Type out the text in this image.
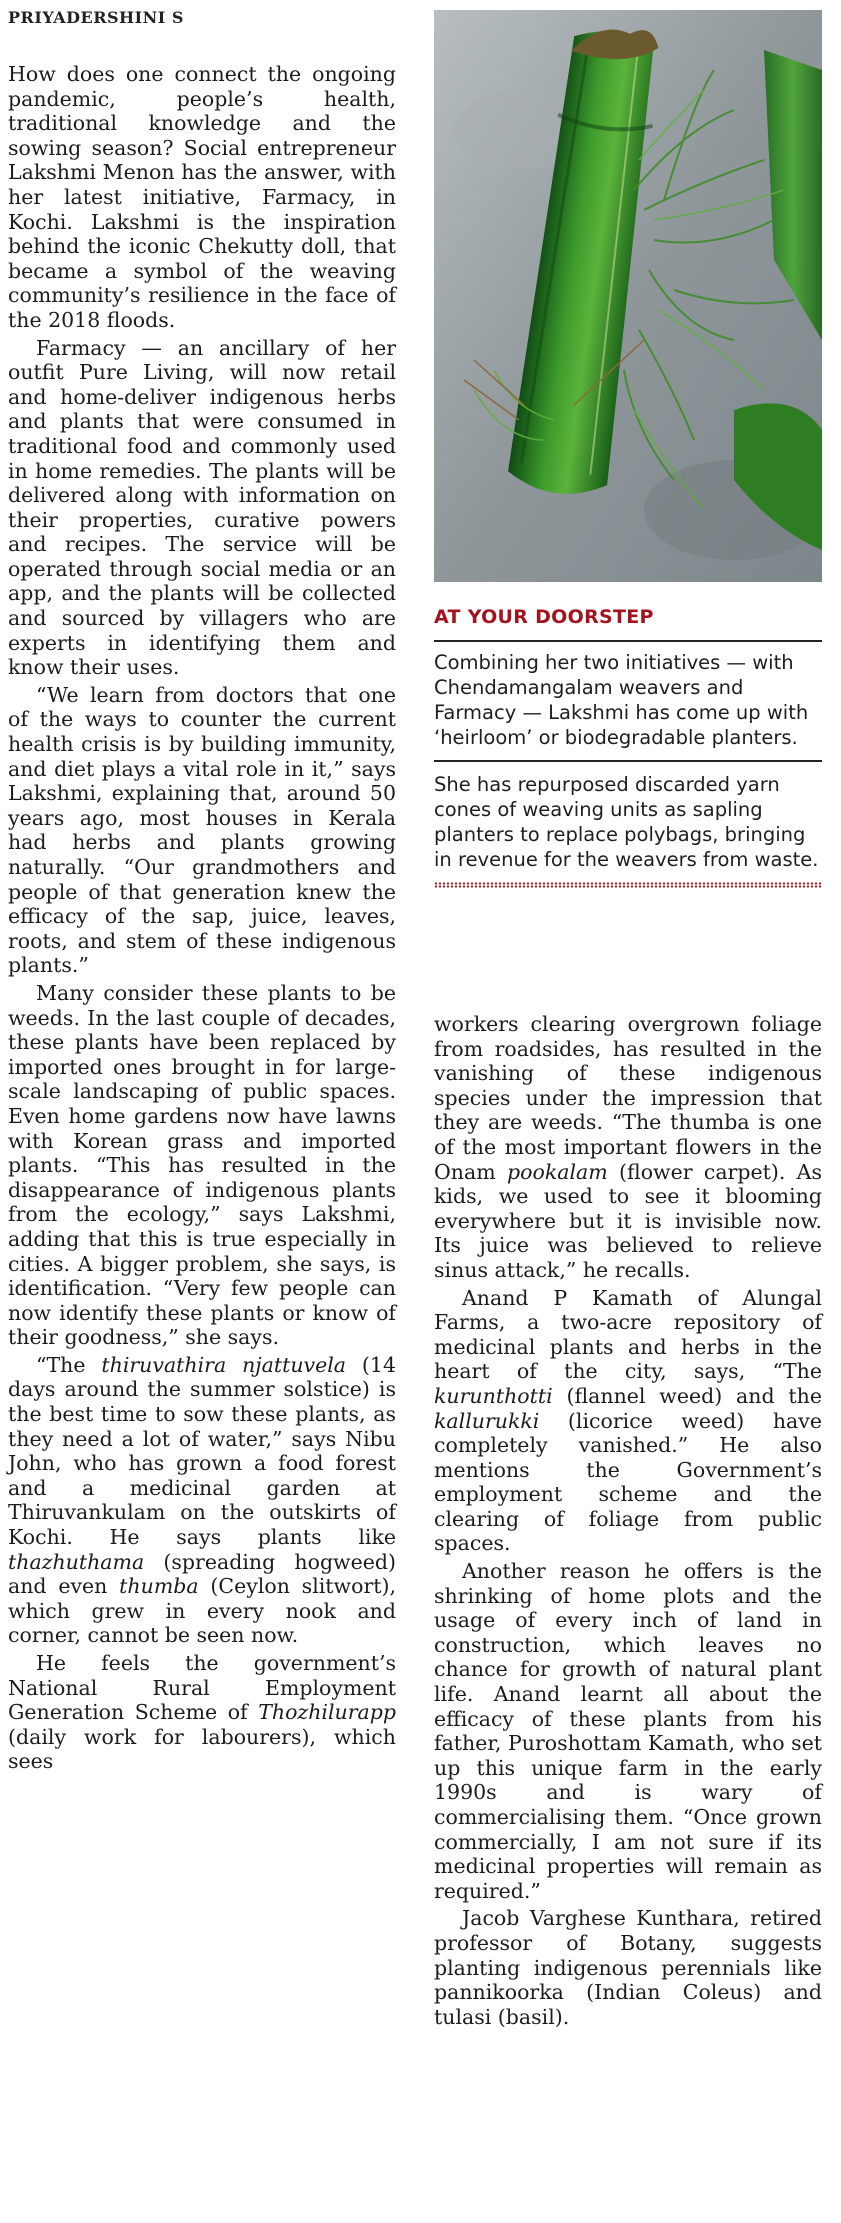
PRIYADERSHINI S

How does one connect the ongoing pandemic, people’s health, traditional knowledge and the sowing season? Social entrepreneur Lakshmi Menon has the answer, with her latest initiative, Farmacy, in Kochi. Lakshmi is the inspiration behind the iconic Chekutty doll, that became a symbol of the weaving community’s resilience in the face of the 2018 floods.

Farmacy — an ancillary of her outfit Pure Living, will now retail and home-deliver indigenous herbs and plants that were consumed in traditional food and commonly used in home remedies. The plants will be delivered along with information on their properties, curative powers and recipes. The service will be operated through social media or an app, and the plants will be collected and sourced by villagers who are experts in identifying them and know their uses.

“We learn from doctors that one of the ways to counter the current health crisis is by building immunity, and diet plays a vital role in it,” says Lakshmi, explaining that, around 50 years ago, most houses in Kerala had herbs and plants growing naturally. “Our grandmothers and people of that generation knew the efficacy of the sap, juice, leaves, roots, and stem of these indigenous plants.”

Many consider these plants to be weeds. In the last couple of decades, these plants have been replaced by imported ones brought in for large-scale landscaping of public spaces. Even home gardens now have lawns with Korean grass and imported plants. “This has resulted in the disappearance of indigenous plants from the ecology,” says Lakshmi, adding that this is true especially in cities. A bigger problem, she says, is identification. “Very few people can now identify these plants or know of their goodness,” she says.

“The thiruvathira njattuvela (14 days around the summer solstice) is the best time to sow these plants, as they need a lot of water,” says Nibu John, who has grown a food forest and a medicinal garden at Thiruvankulam on the outskirts of Kochi. He says plants like thazhuthama (spreading hogweed) and even thumba (Ceylon slitwort), which grew in every nook and corner, cannot be seen now.

He feels the government’s National Rural Employment Generation Scheme of Thozhilurapp (daily work for labourers), which sees

AT YOUR DOORSTEP

Combining her two initiatives — with Chendamangalam weavers and Farmacy — Lakshmi has come up with ‘heirloom’ or biodegradable planters.

She has repurposed discarded yarn cones of weaving units as sapling planters to replace polybags, bringing in revenue for the weavers from waste.

workers clearing overgrown foliage from roadsides, has resulted in the vanishing of these indigenous species under the impression that they are weeds. “The thumba is one of the most important flowers in the Onam pookalam (flower carpet). As kids, we used to see it blooming everywhere but it is invisible now. Its juice was believed to relieve sinus attack,” he recalls.

Anand P Kamath of Alungal Farms, a two-acre repository of medicinal plants and herbs in the heart of the city, says, “The kurunthotti (flannel weed) and the kallurukki (licorice weed) have completely vanished.” He also mentions the Government’s employment scheme and the clearing of foliage from public spaces.

Another reason he offers is the shrinking of home plots and the usage of every inch of land in construction, which leaves no chance for growth of natural plant life. Anand learnt all about the efficacy of these plants from his father, Puroshottam Kamath, who set up this unique farm in the early 1990s and is wary of commercialising them. “Once grown commercially, I am not sure if its medicinal properties will remain as required.”

Jacob Varghese Kunthara, retired professor of Botany, suggests planting indigenous perennials like pannikoorka (Indian Coleus) and tulasi (basil).
